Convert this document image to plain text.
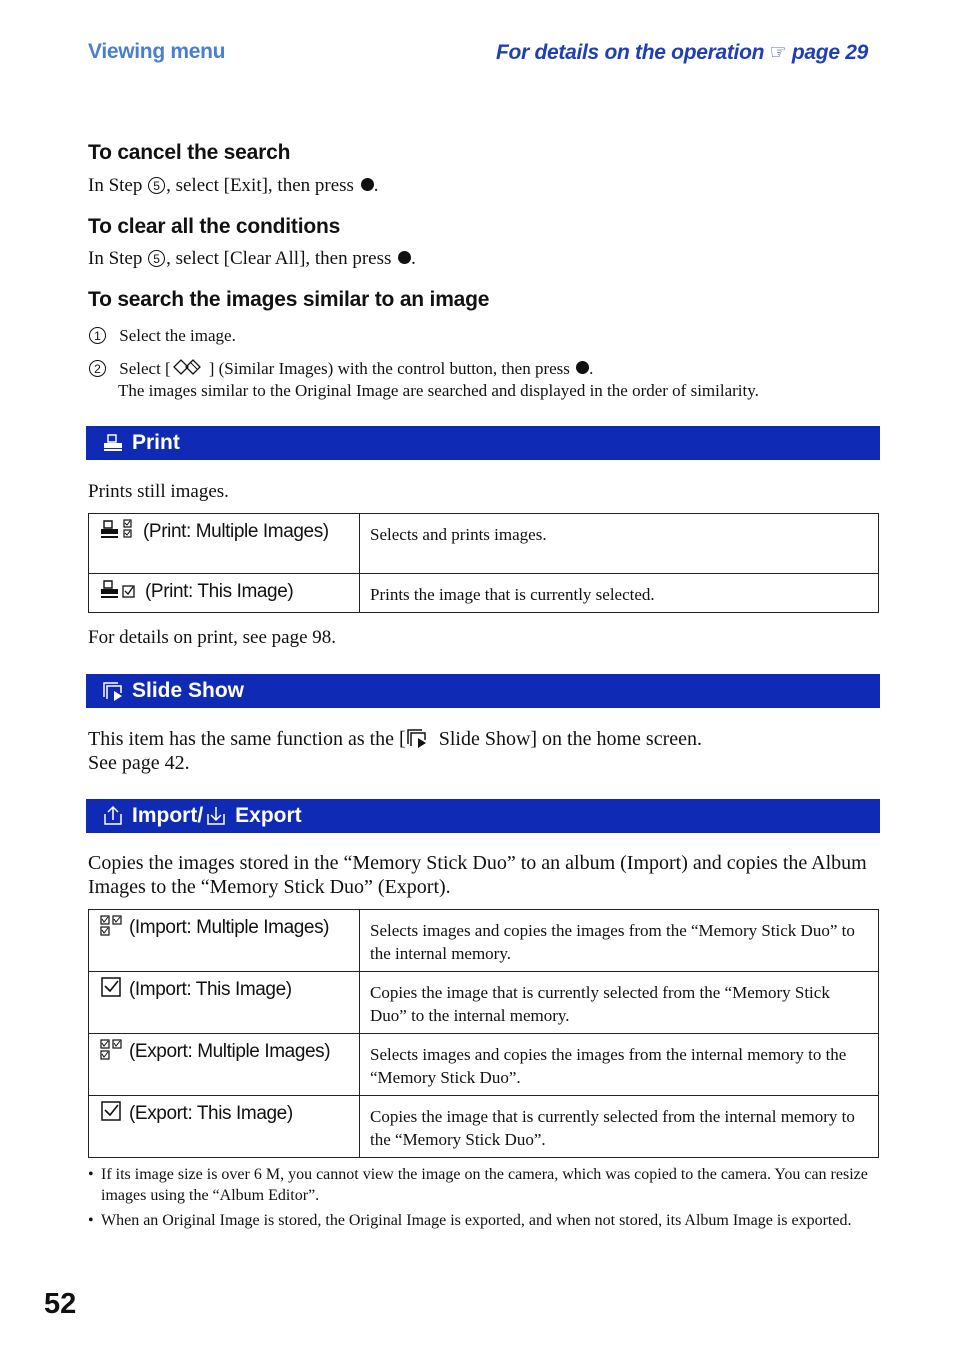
Viewing menu	For details on the operation ☞ page 29
To cancel the search
In Step 5 , select [Exit], then press .
To clear all the conditions
In Step 5 , select [Clear All], then press .
To search the images similar to an image
1 Select the image.
2 Select [ ] (Similar Images) with the control button, then press .
The images similar to the Original Image are searched and displayed in the order of similarity.
Print
Prints still images.
(Print: Multiple Images)	Selects and prints images.
(Print: This Image)	Prints the image that is currently selected.
For details on print, see page 98.
Slide Show
This item has the same function as the [ Slide Show] on the home screen.
See page 42.
Import/ Export
Copies the images stored in the “Memory Stick Duo” to an album (Import) and copies the Album Images to the “Memory Stick Duo” (Export).
(Import: Multiple Images)	Selects images and copies the images from the “Memory Stick Duo” to the internal memory.
(Import: This Image)	Copies the image that is currently selected from the “Memory Stick Duo” to the internal memory.
(Export: Multiple Images)	Selects images and copies the images from the internal memory to the “Memory Stick Duo”.
(Export: This Image)	Copies the image that is currently selected from the internal memory to the “Memory Stick Duo”.
• If its image size is over 6 M, you cannot view the image on the camera, which was copied to the camera. You can resize images using the “Album Editor”.
• When an Original Image is stored, the Original Image is exported, and when not stored, its Album Image is exported.
52
